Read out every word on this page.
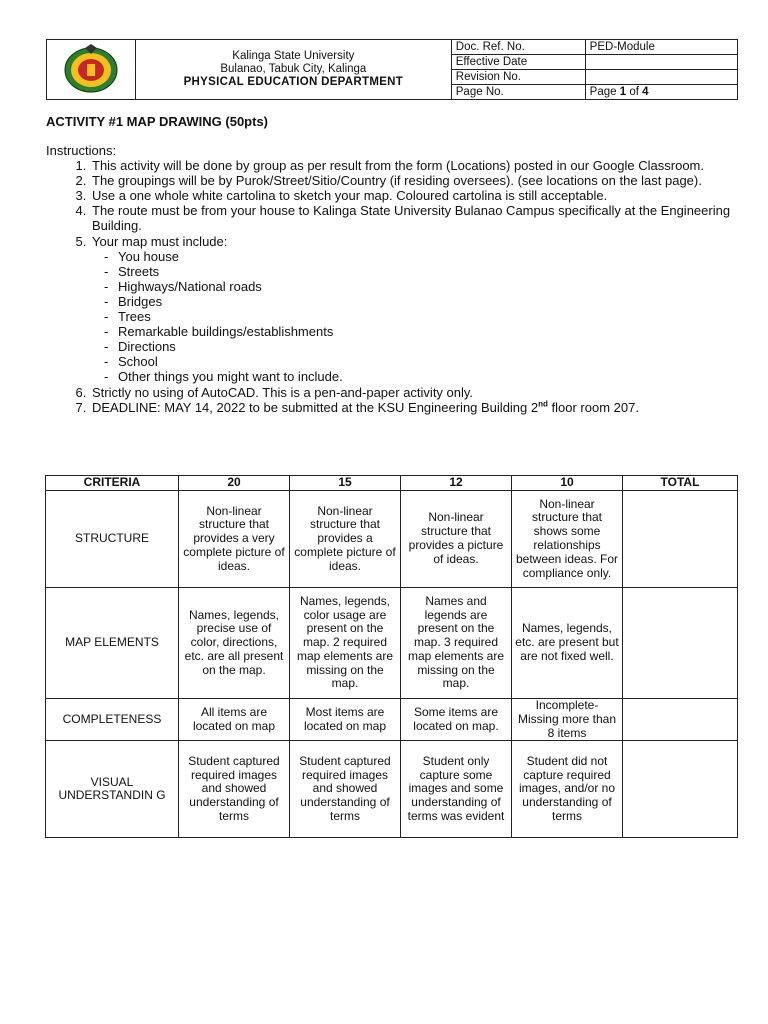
Kalinga State University
Bulanao, Tabuk City, Kalinga
PHYSICAL EDUCATION DEPARTMENT	Doc. Ref. No.	PED-Module
		Effective Date	
		Revision No.	
		Page No.	Page 1 of 4
ACTIVITY #1 MAP DRAWING (50pts)
Instructions:
1. This activity will be done by group as per result from the form (Locations) posted in our Google Classroom.
2. The groupings will be by Purok/Street/Sitio/Country (if residing oversees). (see locations on the last page).
3. Use a one whole white cartolina to sketch your map. Coloured cartolina is still acceptable.
4. The route must be from your house to Kalinga State University Bulanao Campus specifically at the Engineering Building.
5. Your map must include:
- You house
- Streets
- Highways/National roads
- Bridges
- Trees
- Remarkable buildings/establishments
- Directions
- School
- Other things you might want to include.
6. Strictly no using of AutoCAD. This is a pen-and-paper activity only.
7. DEADLINE: MAY 14, 2022 to be submitted at the KSU Engineering Building 2nd floor room 207.
CRITERIA	20	15	12	10	TOTAL
STRUCTURE	Non-linear structure that provides a very complete picture of ideas.	Non-linear structure that provides a complete picture of ideas.	Non-linear structure that provides a picture of ideas.	Non-linear structure that shows some relationships between ideas. For compliance only.	
MAP ELEMENTS	Names, legends, precise use of color, directions, etc. are all present on the map.	Names, legends, color usage are present on the map. 2 required map elements are missing on the map.	Names and legends are present on the map. 3 required map elements are missing on the map.	Names, legends, etc. are present but are not fixed well.	
COMPLETENESS	All items are located on map	Most items are located on map	Some items are located on map.	Incomplete- Missing more than 8 items	
VISUAL UNDERSTANDIN G	Student captured required images and showed understanding of terms	Student captured required images and showed understanding of terms	Student only capture some images and some understanding of terms was evident	Student did not capture required images, and/or no understanding of terms	
